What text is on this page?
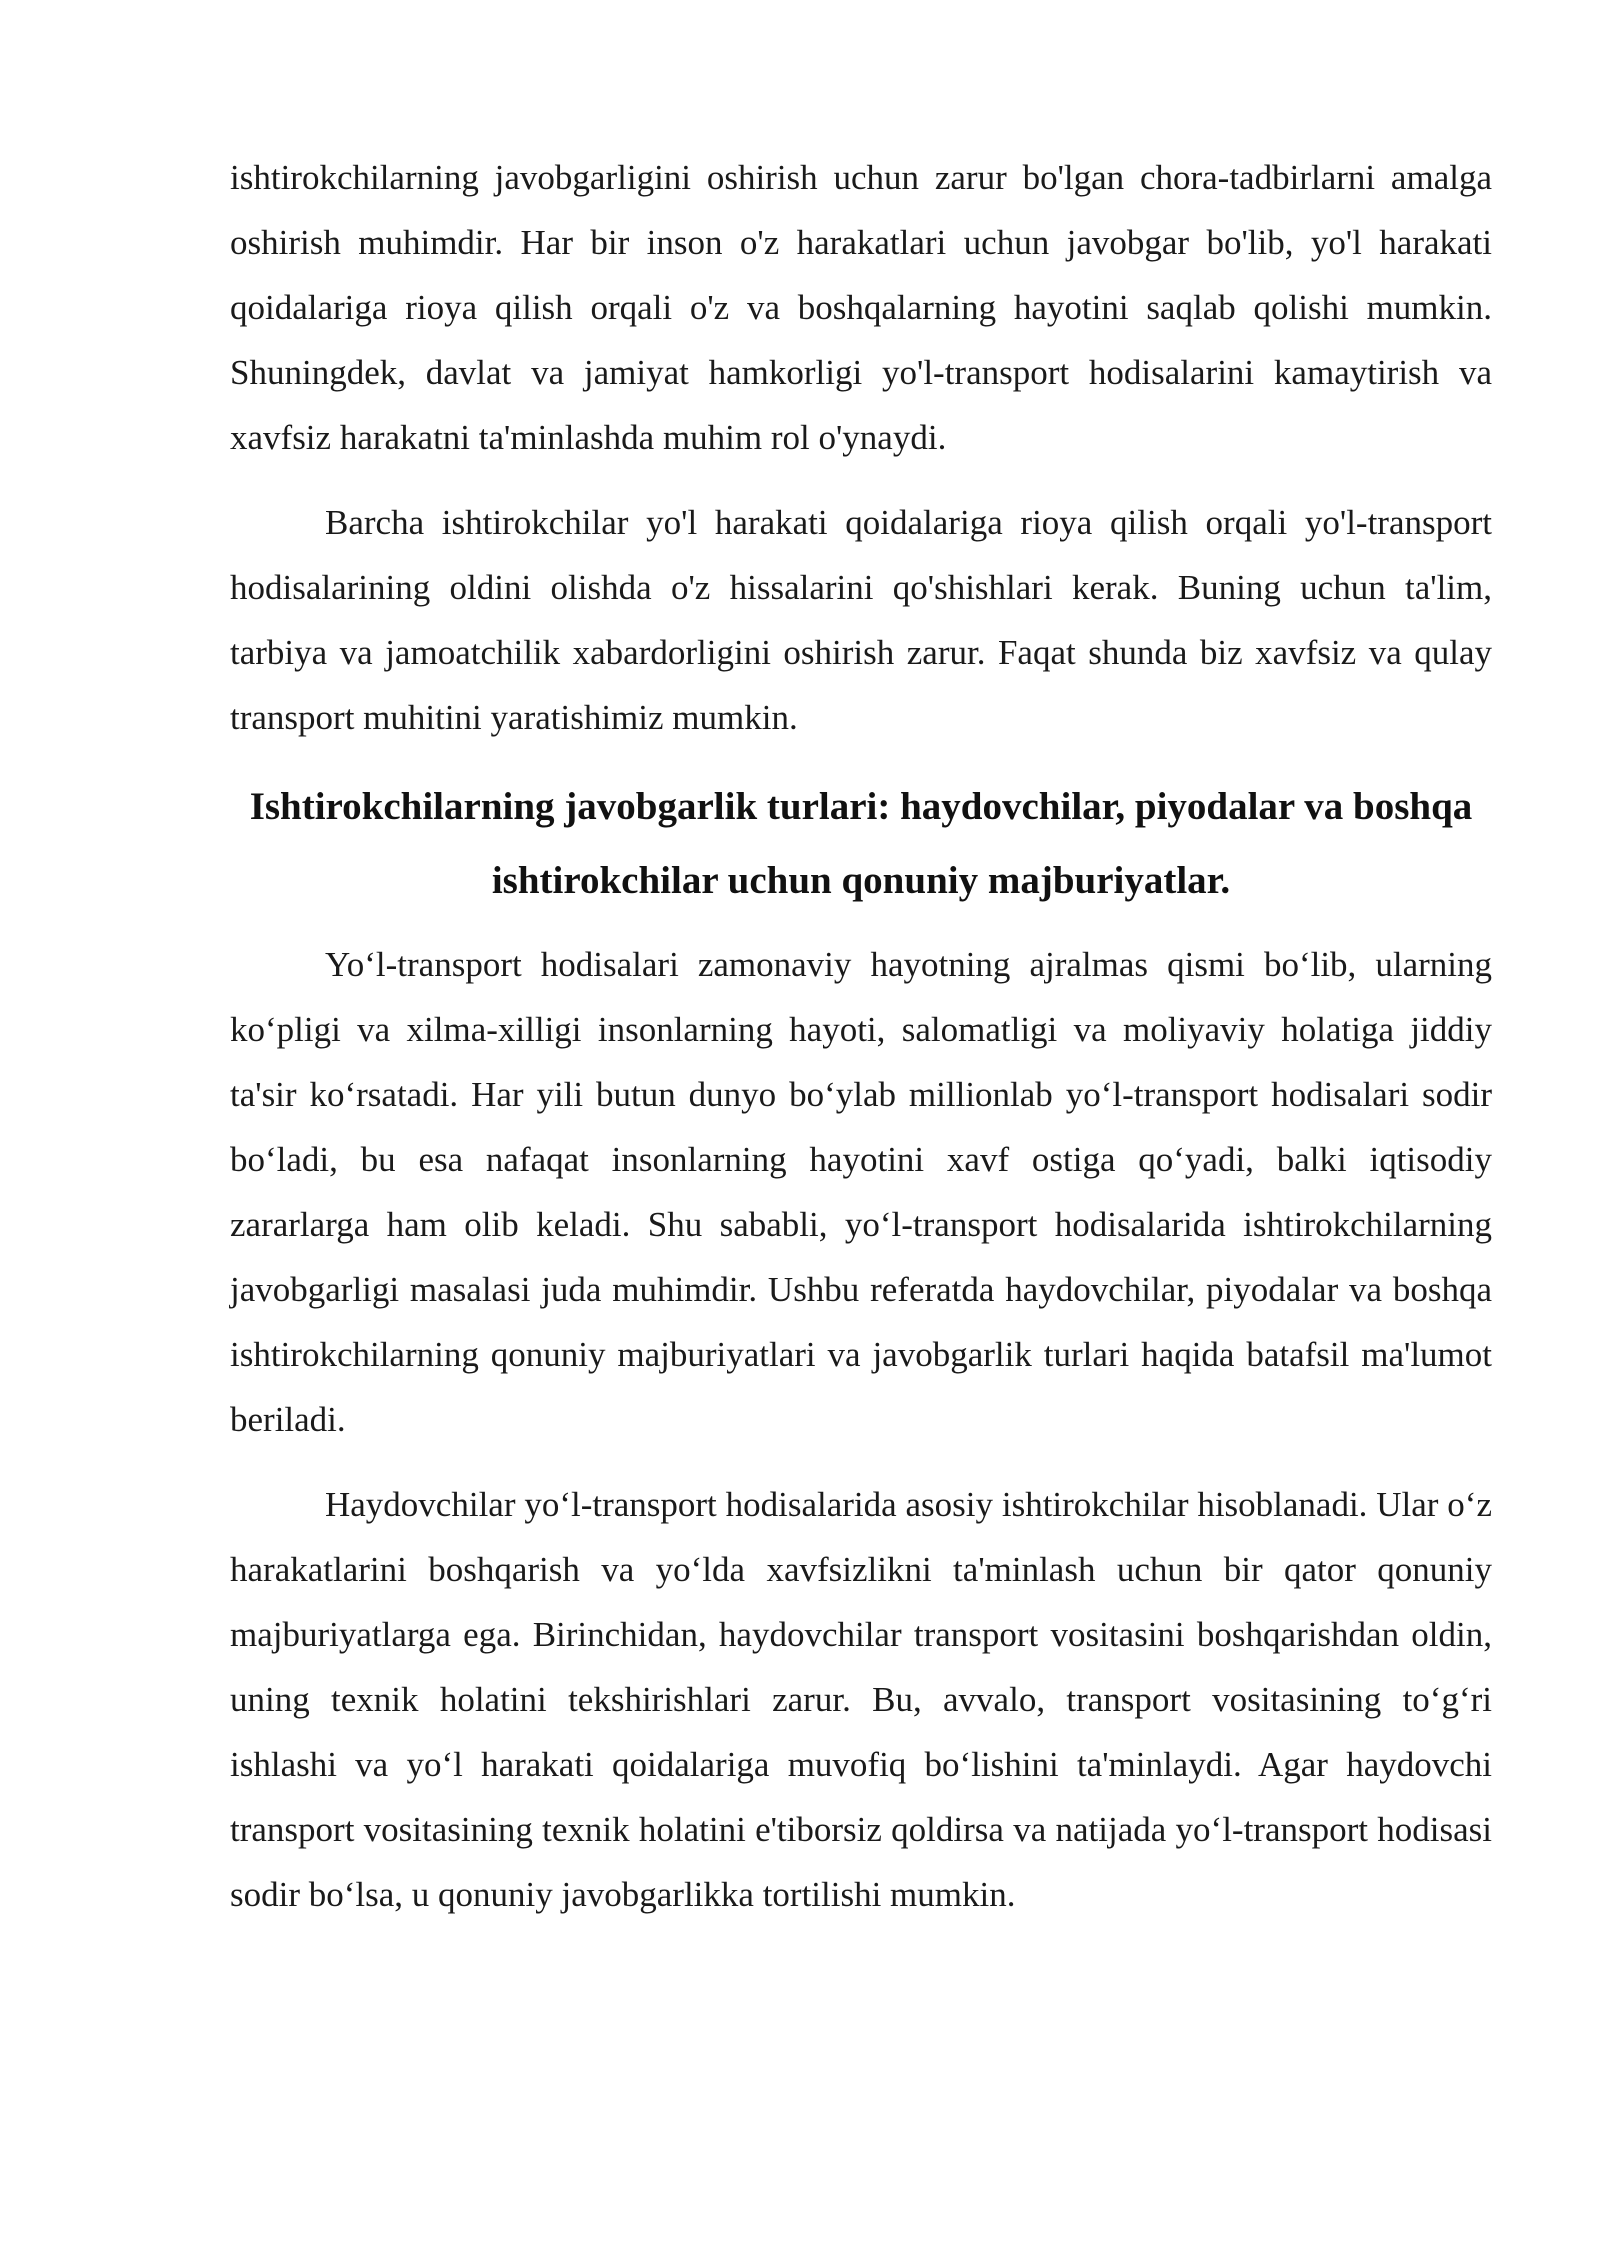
ishtirokchilarning javobgarligini oshirish uchun zarur bo'lgan chora-tadbirlarni amalga oshirish muhimdir. Har bir inson o'z harakatlari uchun javobgar bo'lib, yo'l harakati qoidalariga rioya qilish orqali o'z va boshqalarning hayotini saqlab qolishi mumkin. Shuningdek, davlat va jamiyat hamkorligi yo'l-transport hodisalarini kamaytirish va xavfsiz harakatni ta'minlashda muhim rol o'ynaydi.

Barcha ishtirokchilar yo'l harakati qoidalariga rioya qilish orqali yo'l-transport hodisalarining oldini olishda o'z hissalarini qo'shishlari kerak. Buning uchun ta'lim, tarbiya va jamoatchilik xabardorligini oshirish zarur. Faqat shunda biz xavfsiz va qulay transport muhitini yaratishimiz mumkin.

Ishtirokchilarning javobgarlik turlari: haydovchilar, piyodalar va boshqa ishtirokchilar uchun qonuniy majburiyatlar.

Yo‘l-transport hodisalari zamonaviy hayotning ajralmas qismi bo‘lib, ularning ko‘pligi va xilma-xilligi insonlarning hayoti, salomatligi va moliyaviy holatiga jiddiy ta'sir ko‘rsatadi. Har yili butun dunyo bo‘ylab millionlab yo‘l-transport hodisalari sodir bo‘ladi, bu esa nafaqat insonlarning hayotini xavf ostiga qo‘yadi, balki iqtisodiy zararlarga ham olib keladi. Shu sababli, yo‘l-transport hodisalarida ishtirokchilarning javobgarligi masalasi juda muhimdir. Ushbu referatda haydovchilar, piyodalar va boshqa ishtirokchilarning qonuniy majburiyatlari va javobgarlik turlari haqida batafsil ma'lumot beriladi.

Haydovchilar yo‘l-transport hodisalarida asosiy ishtirokchilar hisoblanadi. Ular o‘z harakatlarini boshqarish va yo‘lda xavfsizlikni ta'minlash uchun bir qator qonuniy majburiyatlarga ega. Birinchidan, haydovchilar transport vositasini boshqarishdan oldin, uning texnik holatini tekshirishlari zarur. Bu, avvalo, transport vositasining to‘g‘ri ishlashi va yo‘l harakati qoidalariga muvofiq bo‘lishini ta'minlaydi. Agar haydovchi transport vositasining texnik holatini e'tiborsiz qoldirsa va natijada yo‘l-transport hodisasi sodir bo‘lsa, u qonuniy javobgarlikka tortilishi mumkin.
